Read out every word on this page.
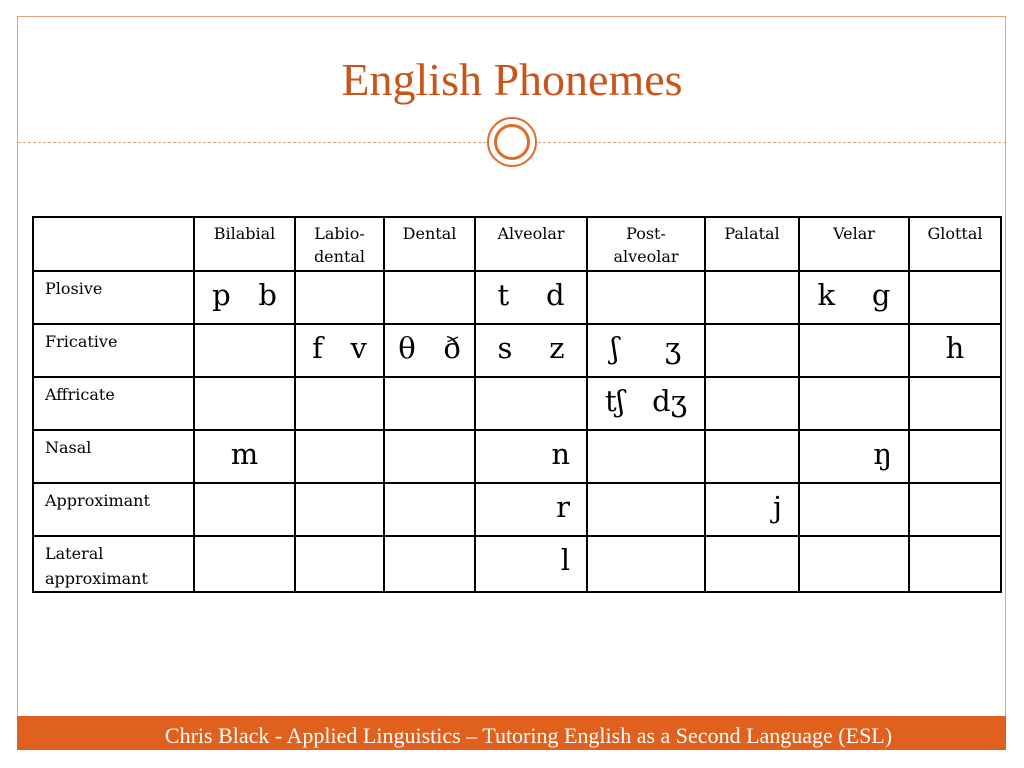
English Phonemes
	Bilabial	Labio-
dental	Dental	Alveolar	Post-
alveolar	Palatal	Velar	Glottal
Plosive	p   b			t    d			k    g	
Fricative		f   v	θ   ð	s    z	ʃ     ʒ			h
Affricate					tʃ   dʒ			
Nasal	m			n			ŋ	
Approximant				r		j		
Lateral
approximant				l				
Chris Black - Applied Linguistics – Tutoring English as a Second Language (ESL)
